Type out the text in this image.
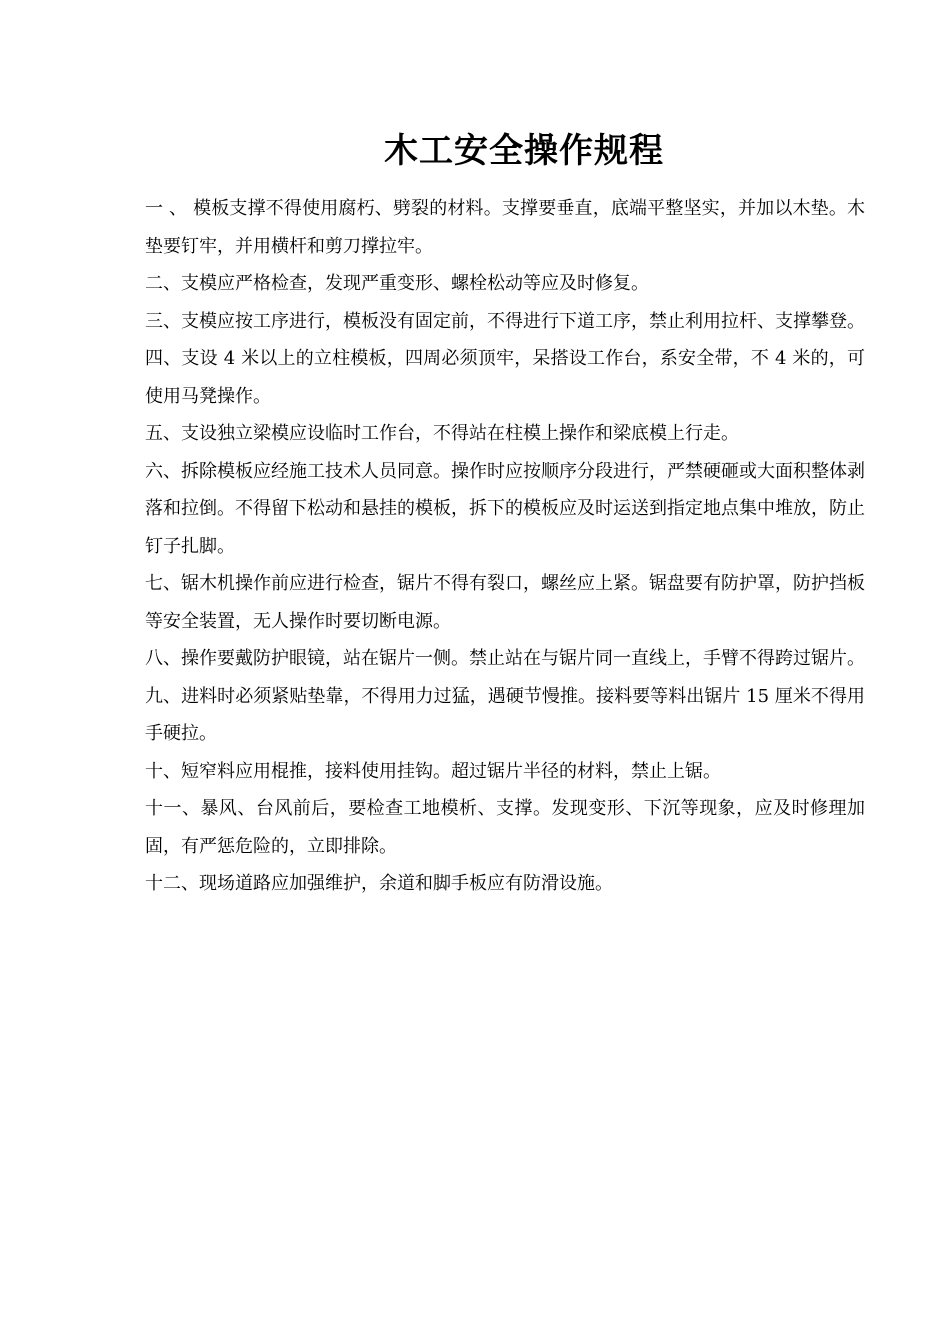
木工安全操作规程
一 、 模板支撑不得使用腐朽、劈裂的材料。支撑要垂直，底端平整坚实，并加以木垫。木垫要钉牢，并用横杆和剪刀撑拉牢。
二、支模应严格检查，发现严重变形、螺栓松动等应及时修复。
三、支模应按工序进行，模板没有固定前，不得进行下道工序，禁止利用拉杆、支撑攀登。
四、支设 4 米以上的立柱模板，四周必须顶牢，呆搭设工作台，系安全带，不 4 米的，可使用马凳操作。
五、支设独立梁模应设临时工作台，不得站在柱模上操作和梁底模上行走。
六、拆除模板应经施工技术人员同意。操作时应按顺序分段进行，严禁硬砸或大面积整体剥落和拉倒。不得留下松动和悬挂的模板，拆下的模板应及时运送到指定地点集中堆放，防止钉子扎脚。
七、锯木机操作前应进行检查，锯片不得有裂口，螺丝应上紧。锯盘要有防护罩，防护挡板等安全装置，无人操作时要切断电源。
八、操作要戴防护眼镜，站在锯片一侧。禁止站在与锯片同一直线上，手臂不得跨过锯片。
九、进料时必须紧贴垫靠，不得用力过猛，遇硬节慢推。接料要等料出锯片 15 厘米不得用手硬拉。
十、短窄料应用棍推，接料使用挂钩。超过锯片半径的材料，禁止上锯。
十一、暴风、台风前后，要检查工地模析、支撑。发现变形、下沉等现象，应及时修理加固，有严惩危险的，立即排除。
十二、现场道路应加强维护，余道和脚手板应有防滑设施。
